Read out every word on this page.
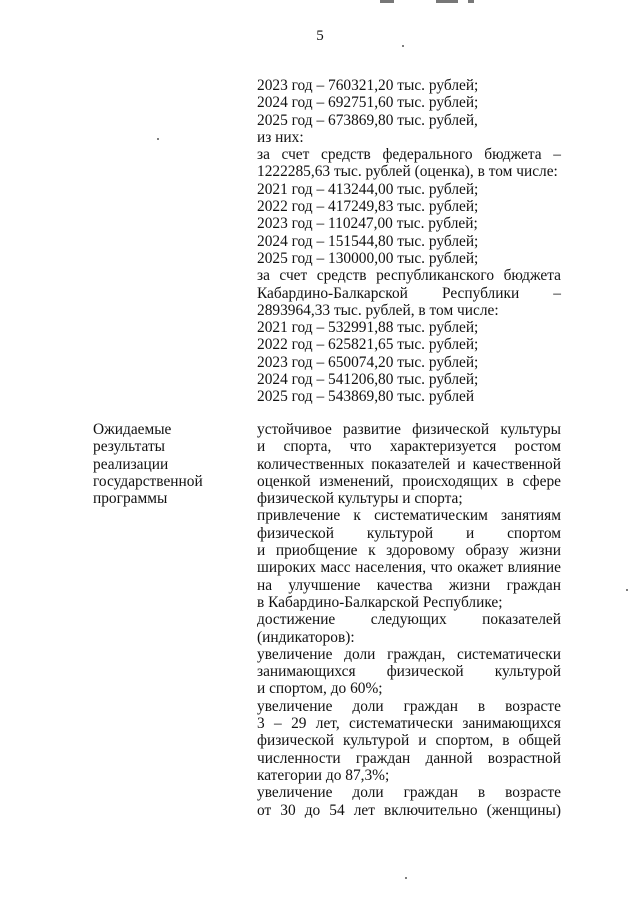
5
2023 год – 760321,20 тыс. рублей;
2024 год – 692751,60 тыс. рублей;
2025 год – 673869,80 тыс. рублей,
из них:
за счет средств федерального бюджета –
1222285,63 тыс. рублей (оценка), в том числе:
2021 год – 413244,00 тыс. рублей;
2022 год – 417249,83 тыс. рублей;
2023 год – 110247,00 тыс. рублей;
2024 год – 151544,80 тыс. рублей;
2025 год – 130000,00 тыс. рублей;
за счет средств республиканского бюджета
Кабардино-Балкарской Республики –
2893964,33 тыс. рублей, в том числе:
2021 год – 532991,88 тыс. рублей;
2022 год – 625821,65 тыс. рублей;
2023 год – 650074,20 тыс. рублей;
2024 год – 541206,80 тыс. рублей;
2025 год – 543869,80 тыс. рублей
Ожидаемые
результаты
реализации
государственной
программы
устойчивое развитие физической культуры
и спорта, что характеризуется ростом
количественных показателей и качественной
оценкой изменений, происходящих в сфере
физической культуры и спорта;
привлечение к систематическим занятиям
физической культурой и спортом
и приобщение к здоровому образу жизни
широких масс населения, что окажет влияние
на улучшение качества жизни граждан
в Кабардино-Балкарской Республике;
достижение следующих показателей
(индикаторов):
увеличение доли граждан, систематически
занимающихся физической культурой
и спортом, до 60%;
увеличение доли граждан в возрасте
3 – 29 лет, систематически занимающихся
физической культурой и спортом, в общей
численности граждан данной возрастной
категории до 87,3%;
увеличение доли граждан в возрасте
от 30 до 54 лет включительно (женщины)
